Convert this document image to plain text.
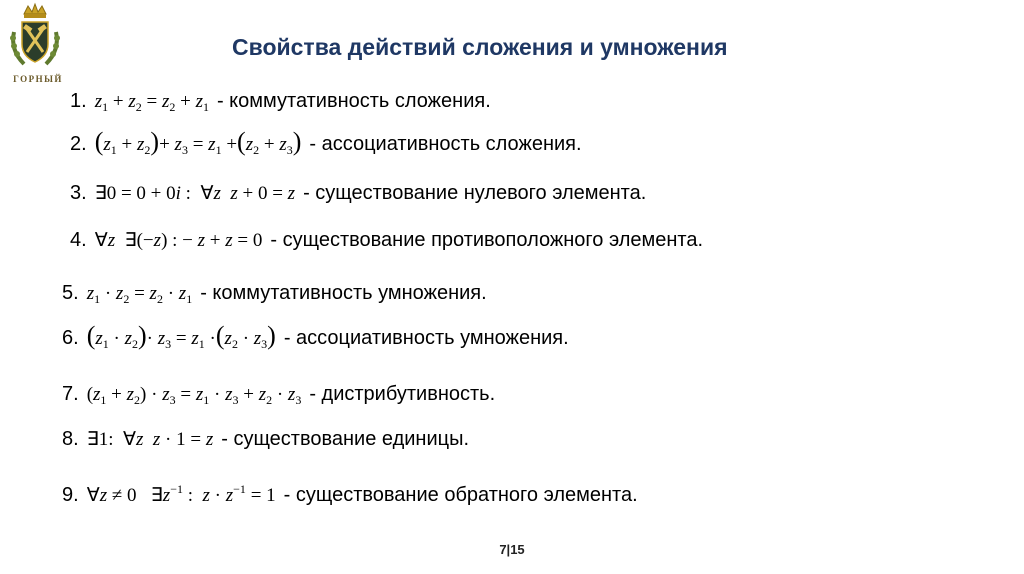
ГОРНЫЙ
Свойства действий сложения и умножения
1. $z_1 + z_2 = z_2 + z_1$ - коммутативность сложения.
2. $(z_1 + z_2)+ z_3 = z_1 +(z_2 + z_3)$ - ассоциативность сложения.
3. ∃0 = 0 + 0i : ∀z  z + 0 = z - существование нулевого элемента.
4. ∀z  ∃(−z) : − z + z = 0 - существование противоположного элемента.
5. $z_1 \cdot z_2 = z_2 \cdot z_1$ - коммутативность умножения.
6. $(z_1 \cdot z_2)\cdot z_3 = z_1 \cdot(z_2 \cdot z_3)$ - ассоциативность умножения.
7. $(z_1 + z_2) \cdot z_3 = z_1 \cdot z_3 + z_2 \cdot z_3$ - дистрибутивность.
8. ∃1: ∀z  z · 1 = z - существование единицы.
9. ∀z ≠ 0 $\exists z^{-1}$ :  $z \cdot z^{-1} = 1$ - существование обратного элемента.
7|15
